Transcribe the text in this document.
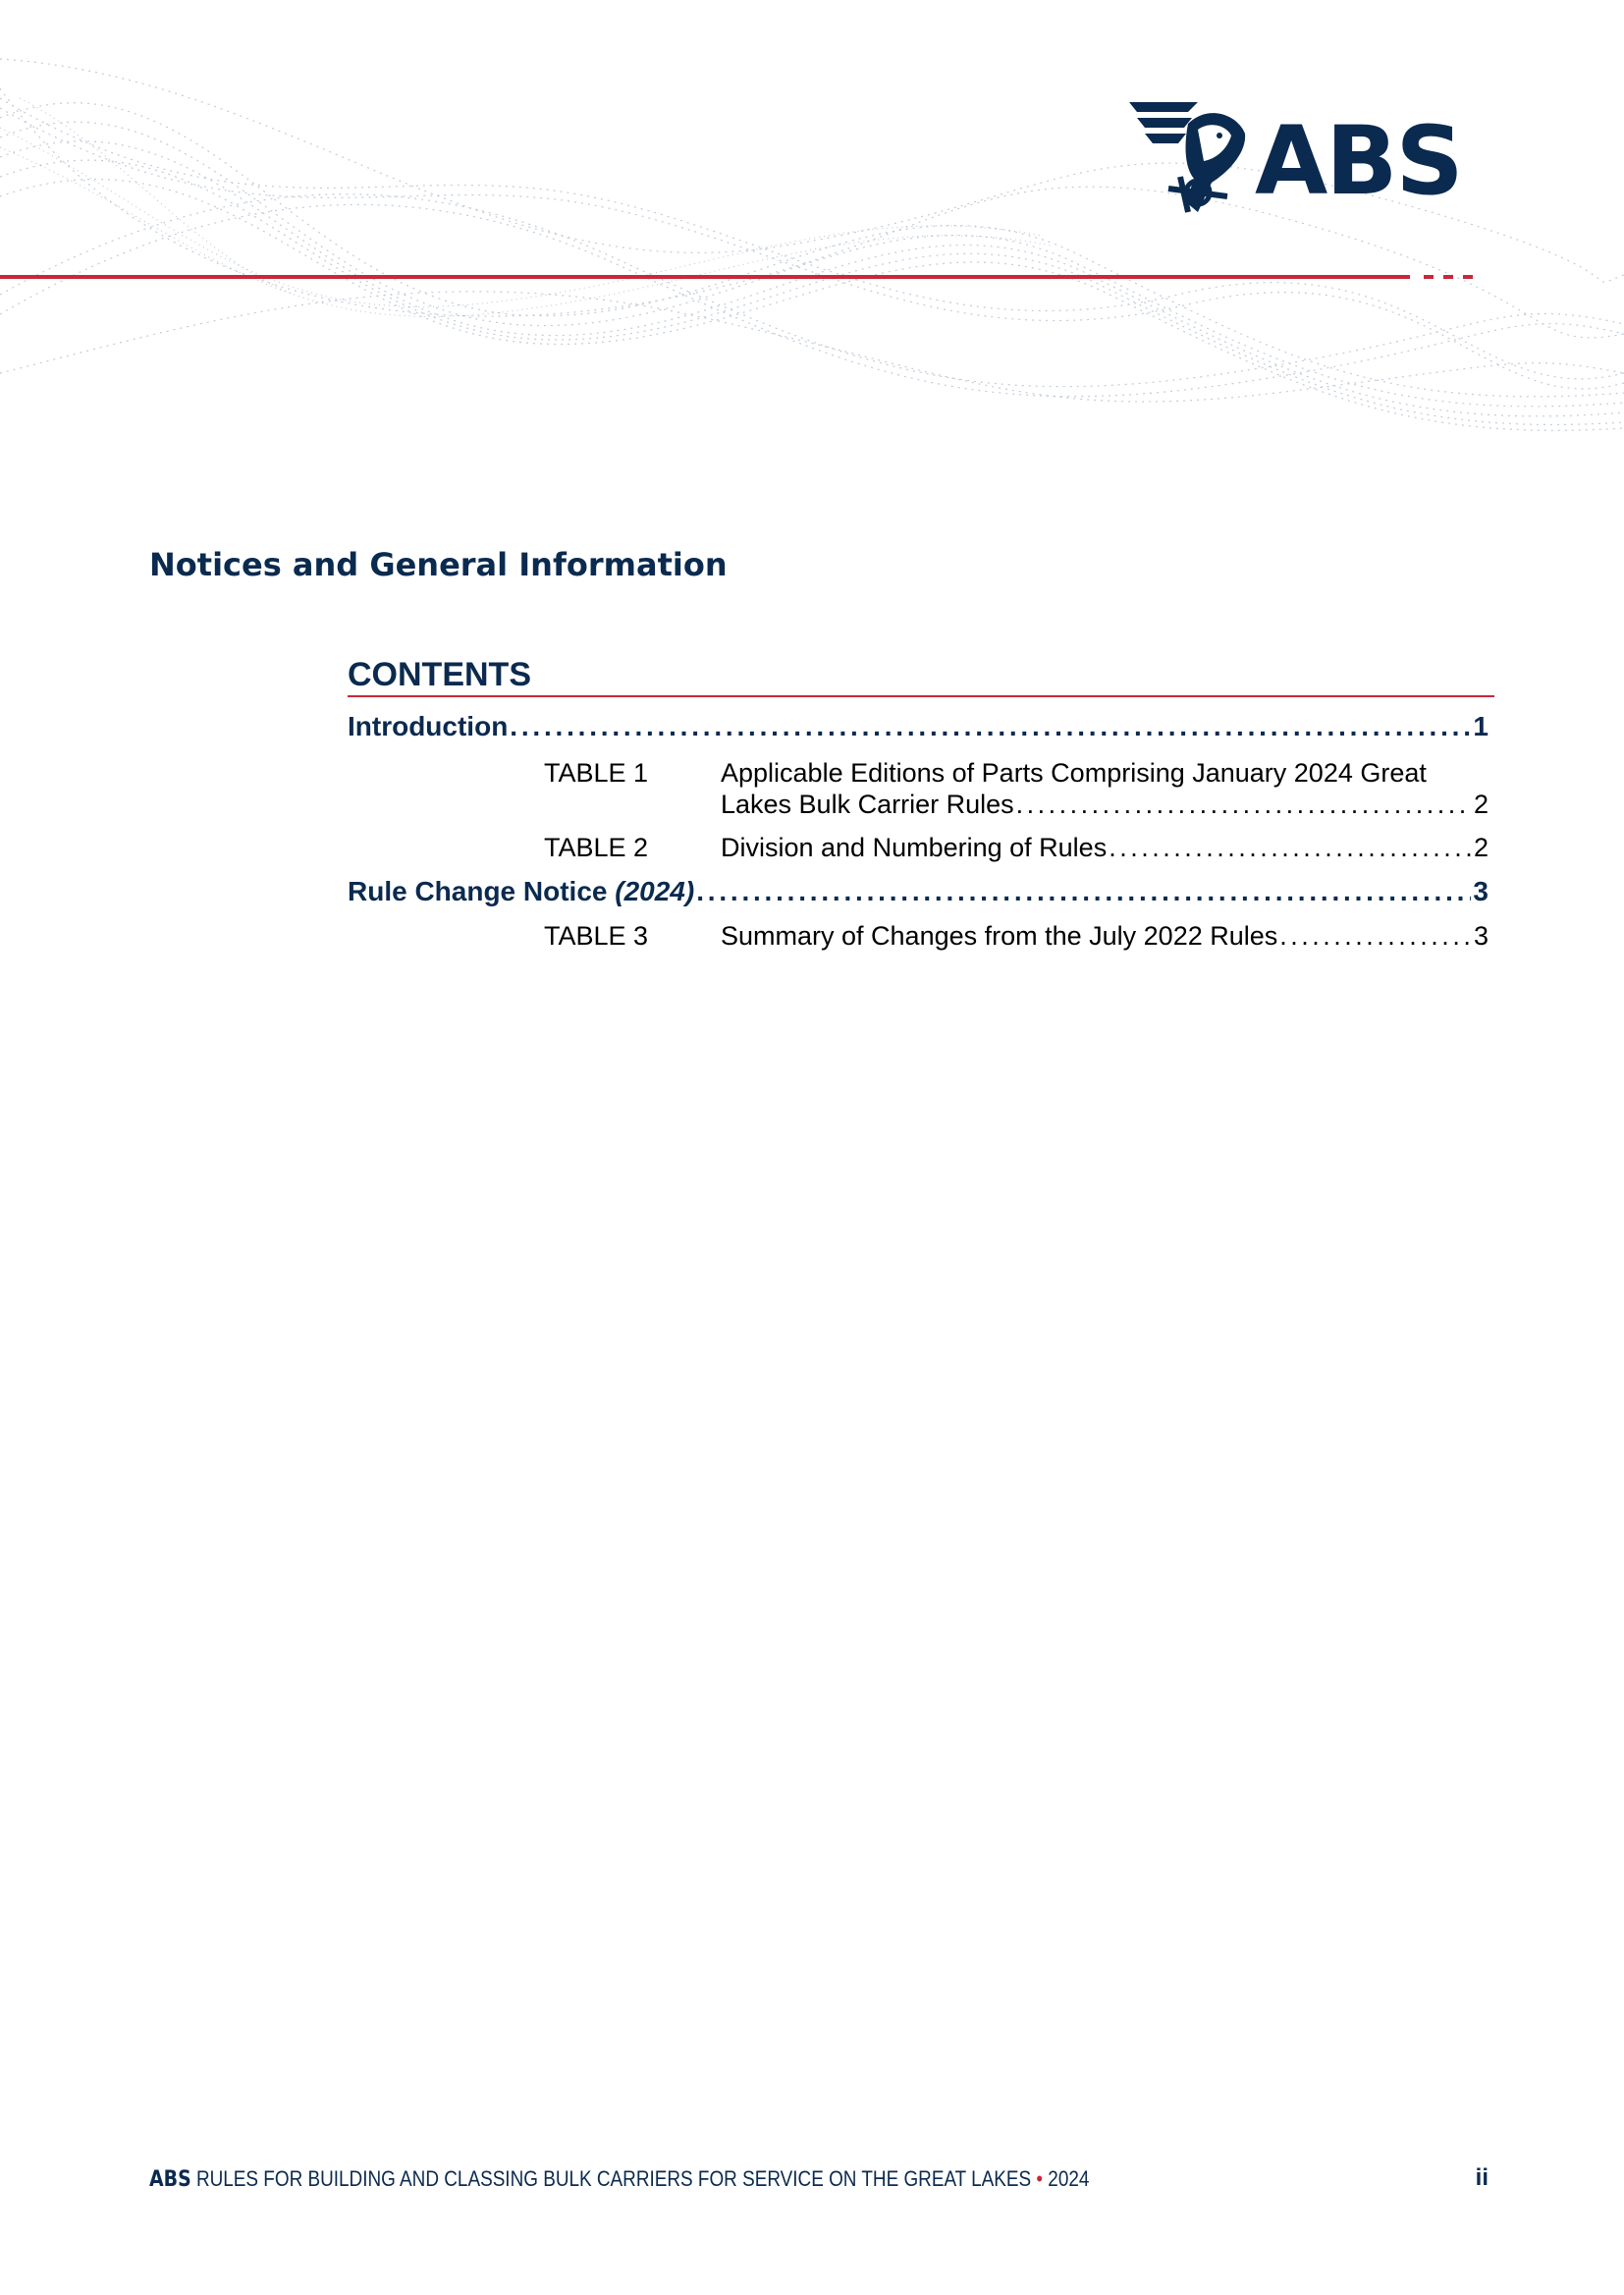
ABS
Notices and General Information
CONTENTS
Introduction . . .	1
TABLE 1	Applicable Editions of Parts Comprising January 2024 Great
Lakes Bulk Carrier Rules . . .	2
TABLE 2	Division and Numbering of Rules . . .	2
Rule Change Notice (2024) . . .	3
TABLE 3	Summary of Changes from the July 2022 Rules . . .	3
ABS RULES FOR BUILDING AND CLASSING BULK CARRIERS FOR SERVICE ON THE GREAT LAKES • 2024	ii
